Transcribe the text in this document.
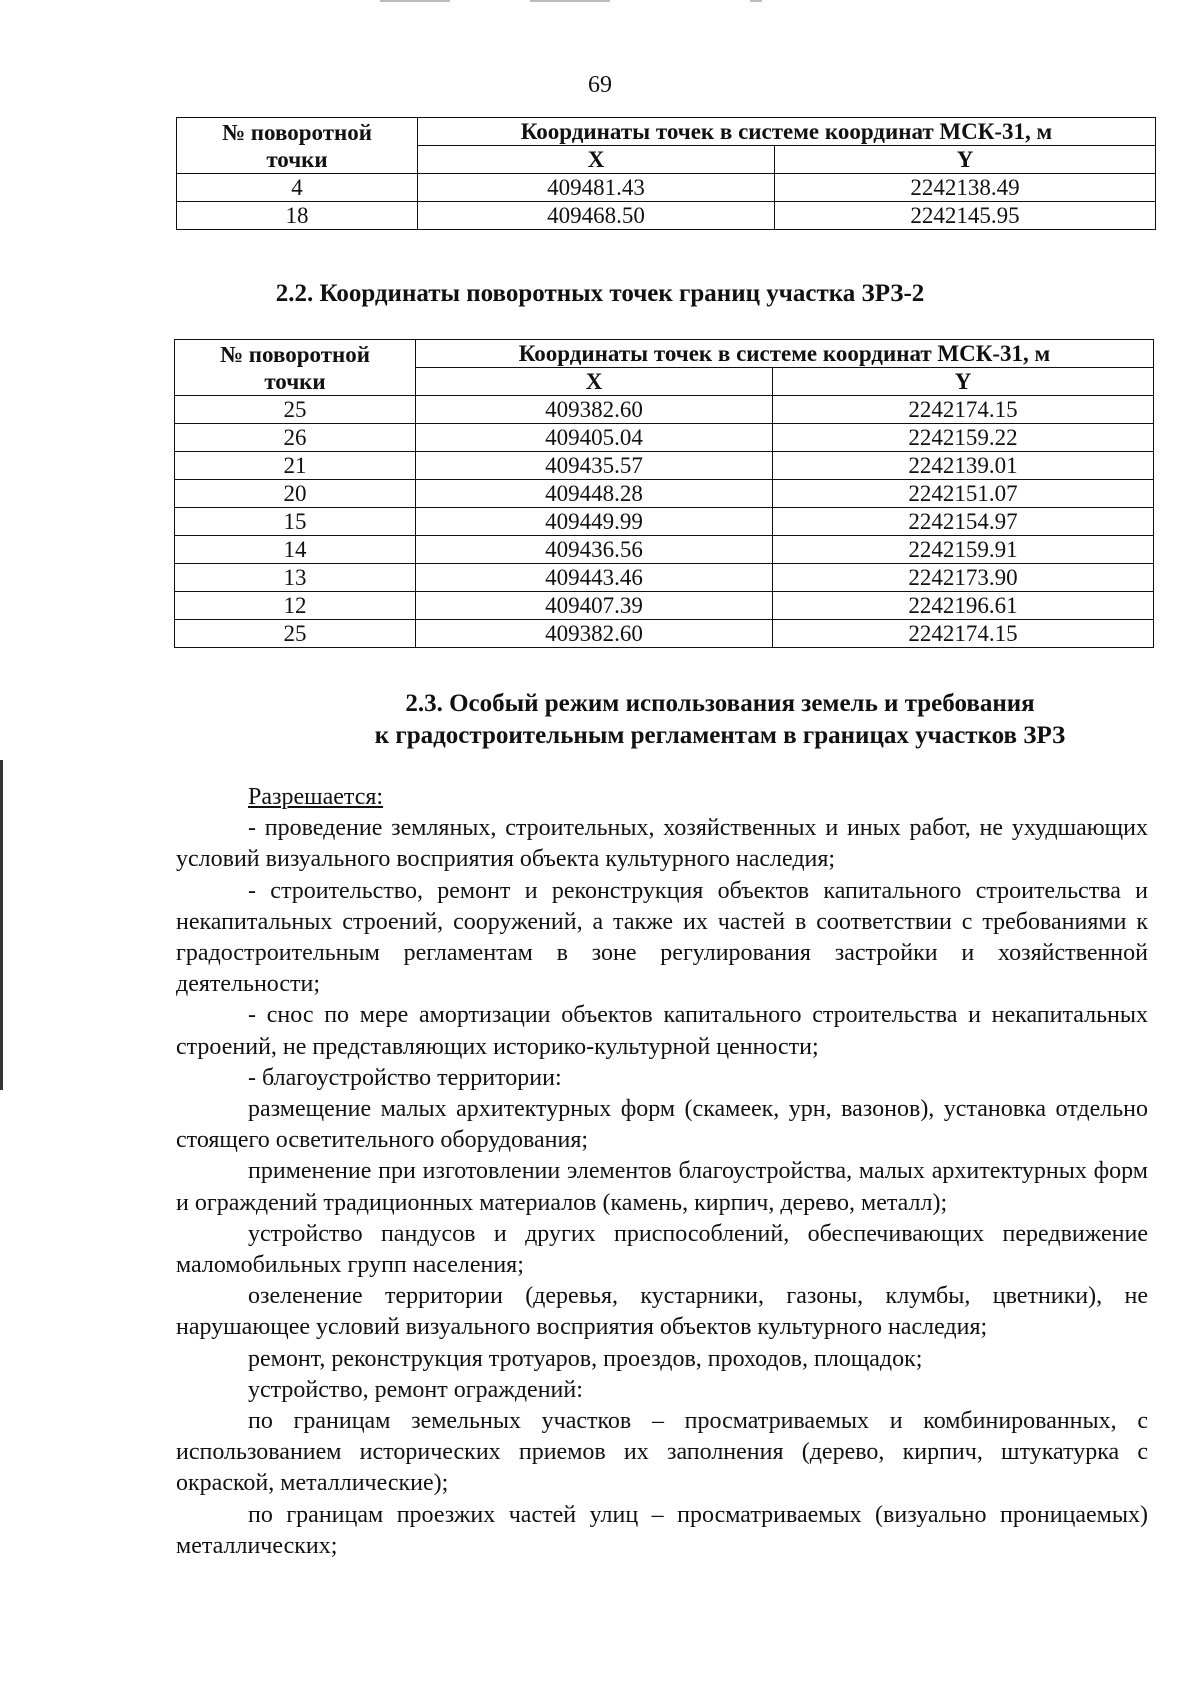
69
№ поворотной
точки	Координаты точек в системе координат МСК-31, м	
	X	Y
4	409481.43	2242138.49
18	409468.50	2242145.95
2.2. Координаты поворотных точек границ участка ЗРЗ-2
№ поворотной
точки	Координаты точек в системе координат МСК-31, м	
	X	Y
25	409382.60	2242174.15
26	409405.04	2242159.22
21	409435.57	2242139.01
20	409448.28	2242151.07
15	409449.99	2242154.97
14	409436.56	2242159.91
13	409443.46	2242173.90
12	409407.39	2242196.61
25	409382.60	2242174.15
2.3. Особый режим использования земель и требования
к градостроительным регламентам в границах участков ЗРЗ

Разрешается:

- проведение земляных, строительных, хозяйственных и иных работ, не ухудшающих условий визуального восприятия объекта культурного наследия;

- строительство, ремонт и реконструкция объектов капитального строительства и некапитальных строений, сооружений, а также их частей в соответствии с требованиями к градостроительным регламентам в зоне регулирования застройки и хозяйственной деятельности;

- снос по мере амортизации объектов капитального строительства и некапитальных строений, не представляющих историко-культурной ценности;

- благоустройство территории:

размещение малых архитектурных форм (скамеек, урн, вазонов), установка отдельно стоящего осветительного оборудования;

применение при изготовлении элементов благоустройства, малых архитектурных форм и ограждений традиционных материалов (камень, кирпич, дерево, металл);

устройство пандусов и других приспособлений, обеспечивающих передвижение маломобильных групп населения;

озеленение территории (деревья, кустарники, газоны, клумбы, цветники), не нарушающее условий визуального восприятия объектов культурного наследия;

ремонт, реконструкция тротуаров, проездов, проходов, площадок;

устройство, ремонт ограждений:

по границам земельных участков – просматриваемых и комбинированных, с использованием исторических приемов их заполнения (дерево, кирпич, штукатурка с окраской, металлические);

по границам проезжих частей улиц – просматриваемых (визуально проницаемых) металлических;
